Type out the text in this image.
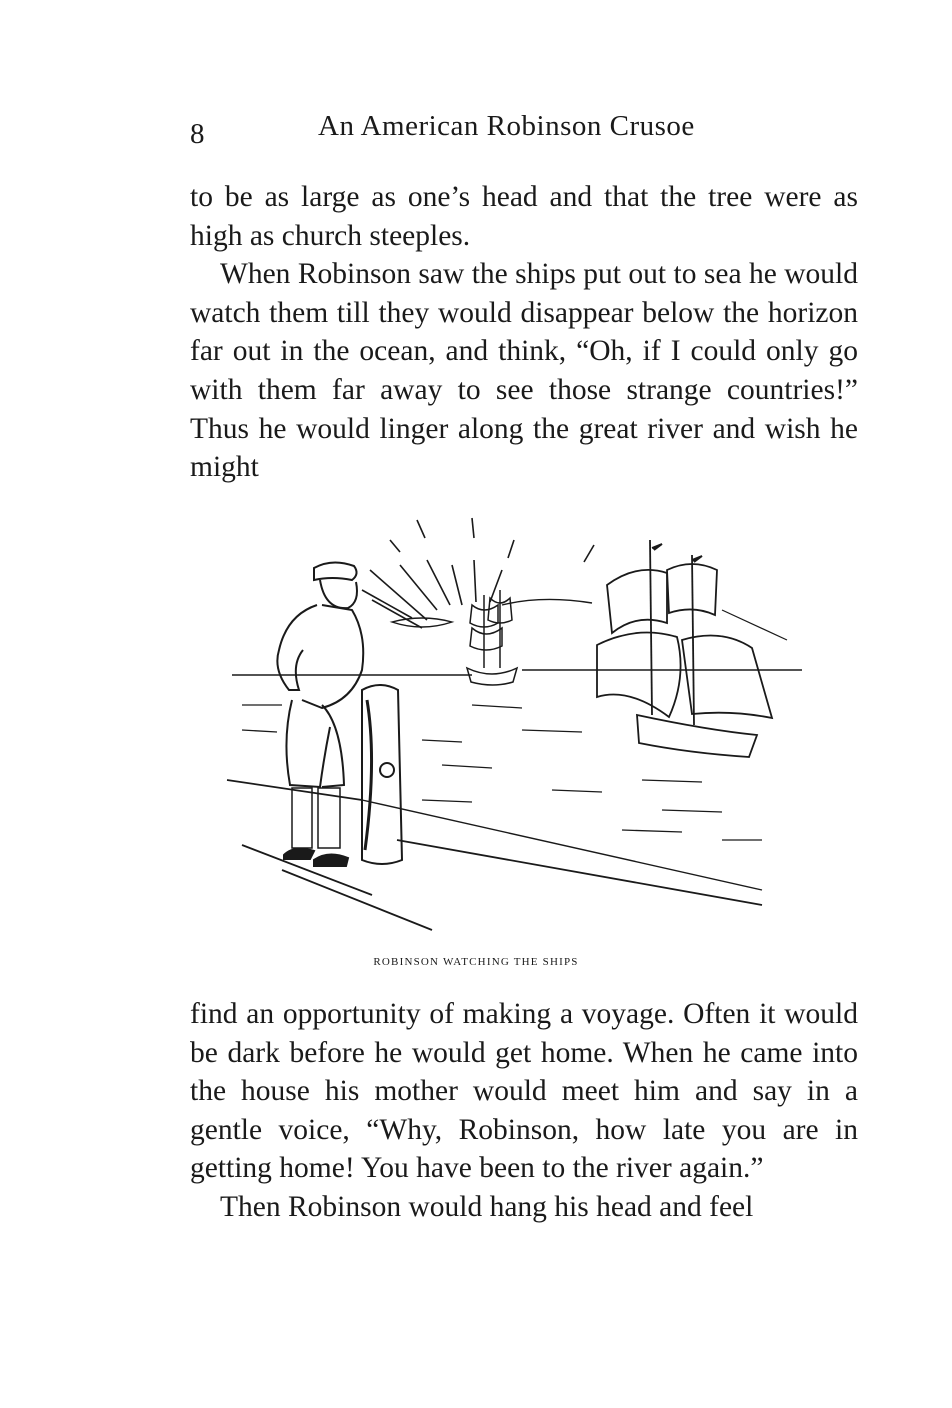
8	An American Robinson Crusoe

to be as large as one’s head and that the tree were as high as church steeples.

When Robinson saw the ships put out to sea he would watch them till they would disappear below the horizon far out in the ocean, and think, “Oh, if I could only go with them far away to see those strange countries!” Thus he would linger along the great river and wish he might

ROBINSON WATCHING THE SHIPS

find an opportunity of making a voyage. Often it would be dark before he would get home. When he came into the house his mother would meet him and say in a gentle voice, “Why, Robinson, how late you are in getting home! You have been to the river again.”

Then Robinson would hang his head and feel
